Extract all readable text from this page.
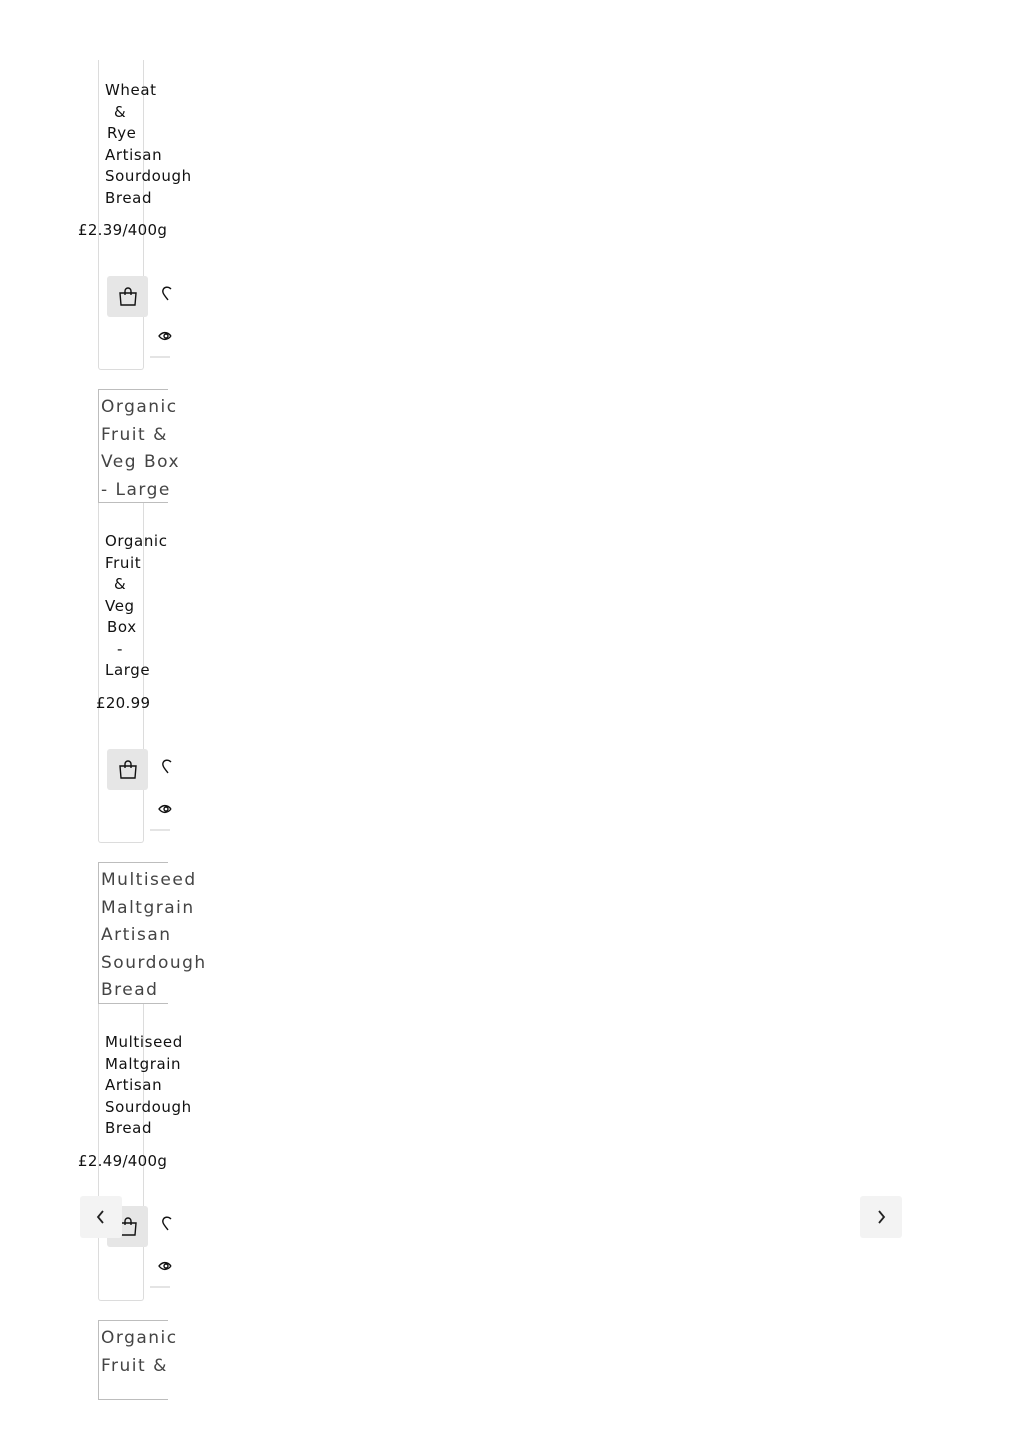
Wheat
&
Rye
Artisan
Sourdough
Bread
£2.39/400g
Organic
Fruit &
Veg Box
- Large
Organic
Fruit
&
Veg
Box
-
Large
£20.99
Multiseed
Maltgrain
Artisan
Sourdough
Bread
Multiseed
Maltgrain
Artisan
Sourdough
Bread
£2.49/400g
Organic
Fruit &
